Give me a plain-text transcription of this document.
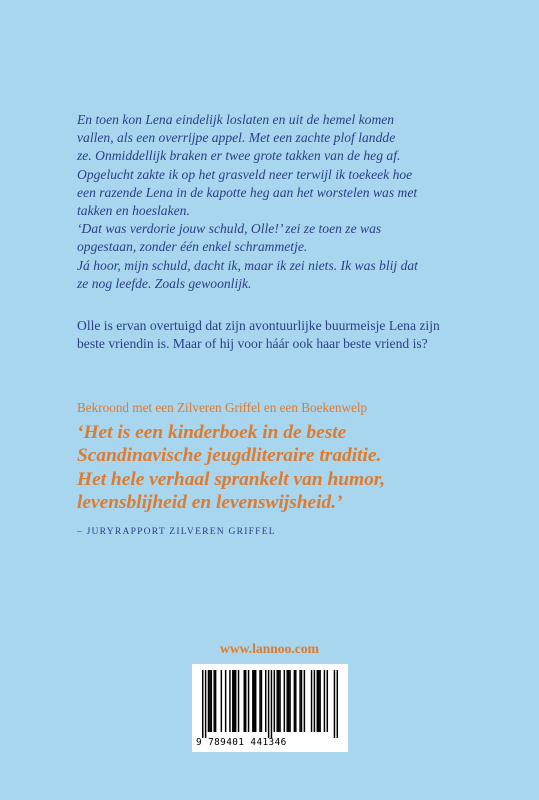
En toen kon Lena eindelijk loslaten en uit de hemel komen

vallen, als een overrijpe appel. Met een zachte plof landde

ze. Onmiddellijk braken er twee grote takken van de heg af.

Opgelucht zakte ik op het grasveld neer terwijl ik toekeek hoe

een razende Lena in de kapotte heg aan het worstelen was met

takken en hoeslaken.

‘Dat was verdorie jouw schuld, Olle!’ zei ze toen ze was

opgestaan, zonder één enkel schrammetje.

Já hoor, mijn schuld, dacht ik, maar ik zei niets. Ik was blij dat

ze nog leefde. Zoals gewoonlijk.

Olle is ervan overtuigd dat zijn avontuurlijke buurmeisje Lena zijn
beste vriendin is. Maar of hij voor háár ook haar beste vriend is?
Bekroond met een Zilveren Griffel en een Boekenwelp

‘Het is een kinderboek in de beste

Scandinavische jeugdliteraire traditie.

Het hele verhaal sprankelt van humor,

levensblijheid en levenswijsheid.’

– JURYRAPPORT ZILVEREN GRIFFEL
www.lannoo.com
9 789401 441346
